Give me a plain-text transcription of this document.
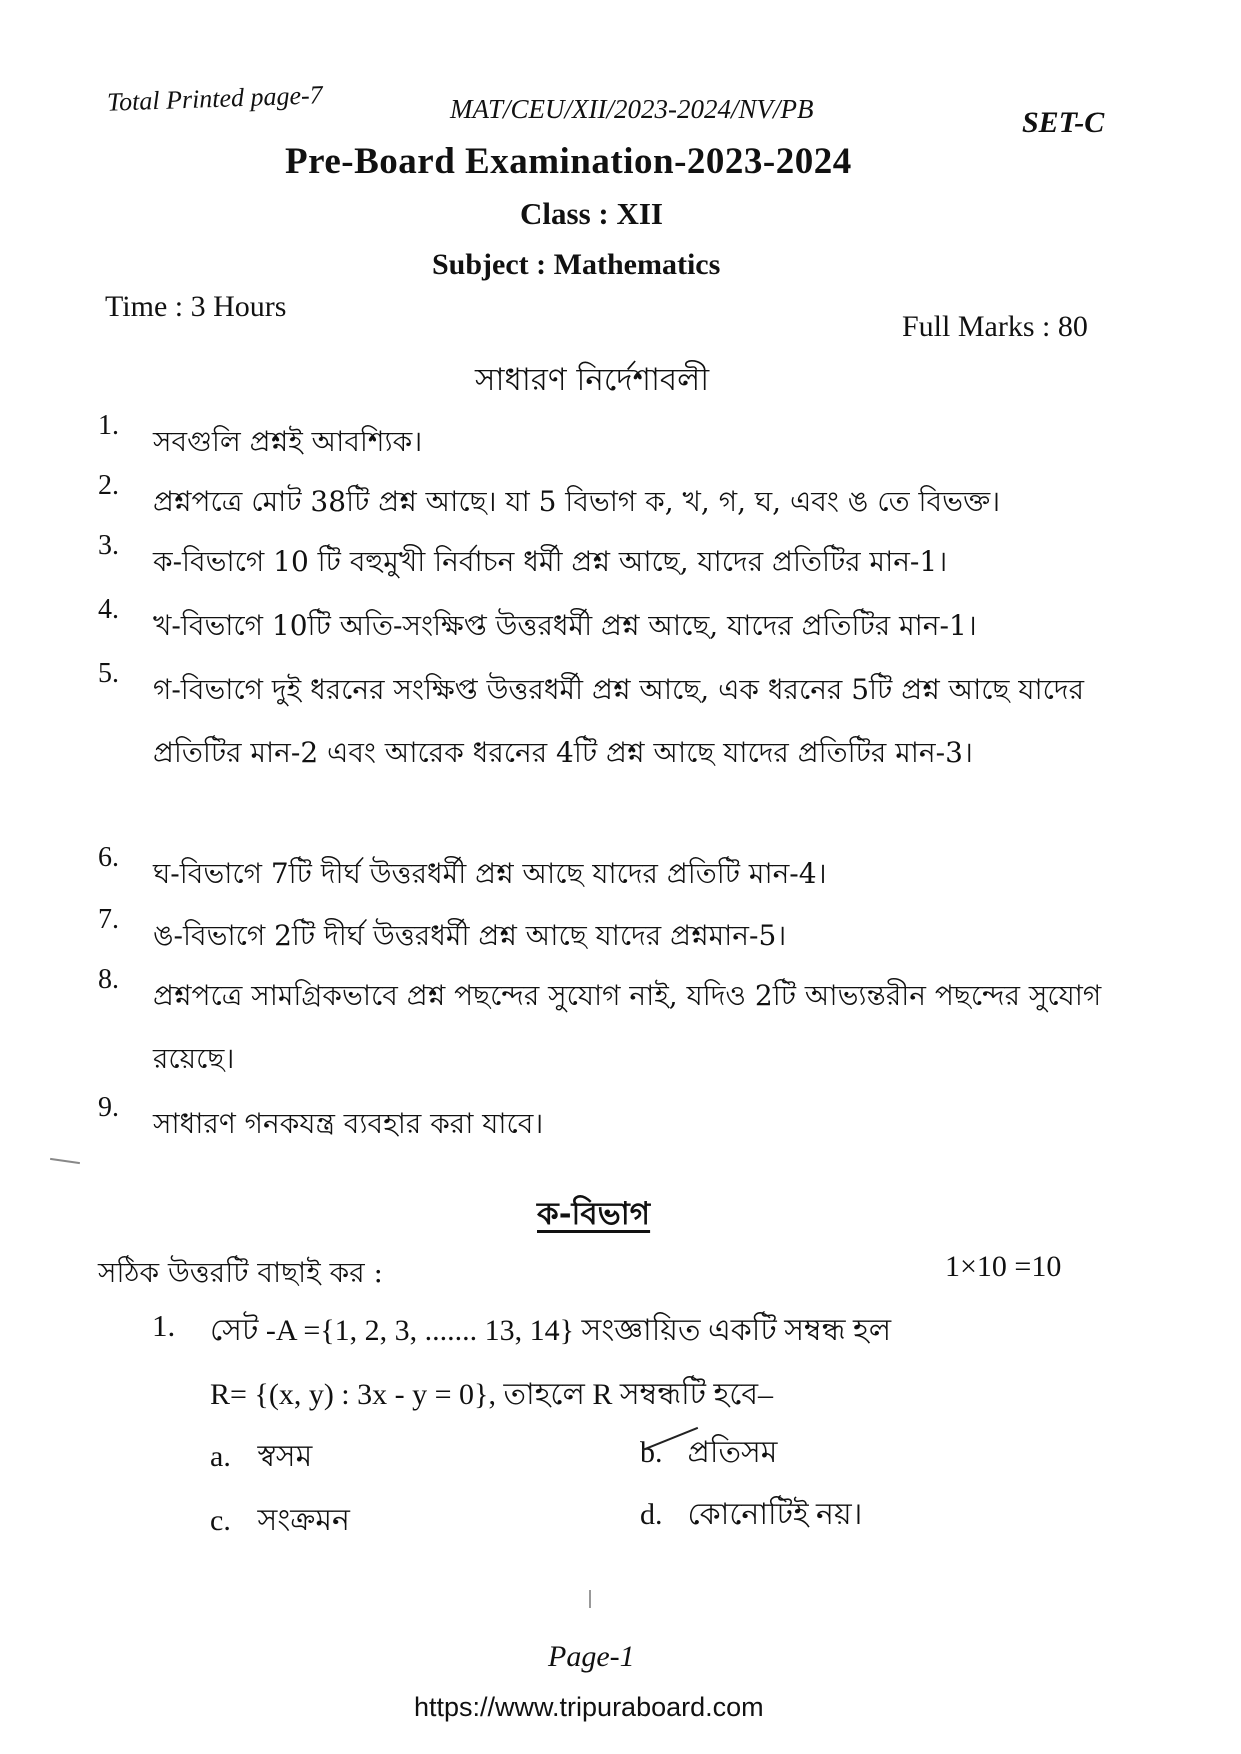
Total Printed page-7	MAT/CEU/XII/2023-2024/NV/PB	SET-C
Pre-Board Examination-2023-2024
Class : XII
Subject : Mathematics
Time : 3 Hours
Full Marks : 80
সাধারণ নির্দেশাবলী
1.	সবগুলি প্রশ্নই আবশ্যিক।
2.	প্রশ্নপত্রে মোট 38টি প্রশ্ন আছে। যা 5 বিভাগ ক, খ, গ, ঘ, এবং ঙ তে বিভক্ত।
3.	ক-বিভাগে 10 টি বহুমুখী নির্বাচন ধর্মী প্রশ্ন আছে, যাদের প্রতিটির মান-1।
4.	খ-বিভাগে 10টি অতি-সংক্ষিপ্ত উত্তরধর্মী প্রশ্ন আছে, যাদের প্রতিটির মান-1।
5.	গ-বিভাগে দুই ধরনের সংক্ষিপ্ত উত্তরধর্মী প্রশ্ন আছে, এক ধরনের 5টি প্রশ্ন আছে যাদের প্রতিটির মান-2 এবং আরেক ধরনের 4টি প্রশ্ন আছে যাদের প্রতিটির মান-3।
6.	ঘ-বিভাগে 7টি দীর্ঘ উত্তরধর্মী প্রশ্ন আছে যাদের প্রতিটি মান-4।
7.	ঙ-বিভাগে 2টি দীর্ঘ উত্তরধর্মী প্রশ্ন আছে যাদের প্রশ্নমান-5।
8.	প্রশ্নপত্রে সামগ্রিকভাবে প্রশ্ন পছন্দের সুযোগ নাই, যদিও 2টি আভ্যন্তরীন পছন্দের সুযোগ রয়েছে।
9.	সাধারণ গনকযন্ত্র ব্যবহার করা যাবে।
ক-বিভাগ
সঠিক উত্তরটি বাছাই কর :	1×10 =10
1. সেট -A ={1, 2, 3, ....... 13, 14} সংজ্ঞায়িত একটি সম্বন্ধ হল
R= {(x, y) : 3x - y = 0}, তাহলে R সম্বন্ধটি হবে–
a. স্বসম	b. প্রতিসম
c. সংক্রমন	d. কোনোটিই নয়।
Page-1
https://www.tripuraboard.com
